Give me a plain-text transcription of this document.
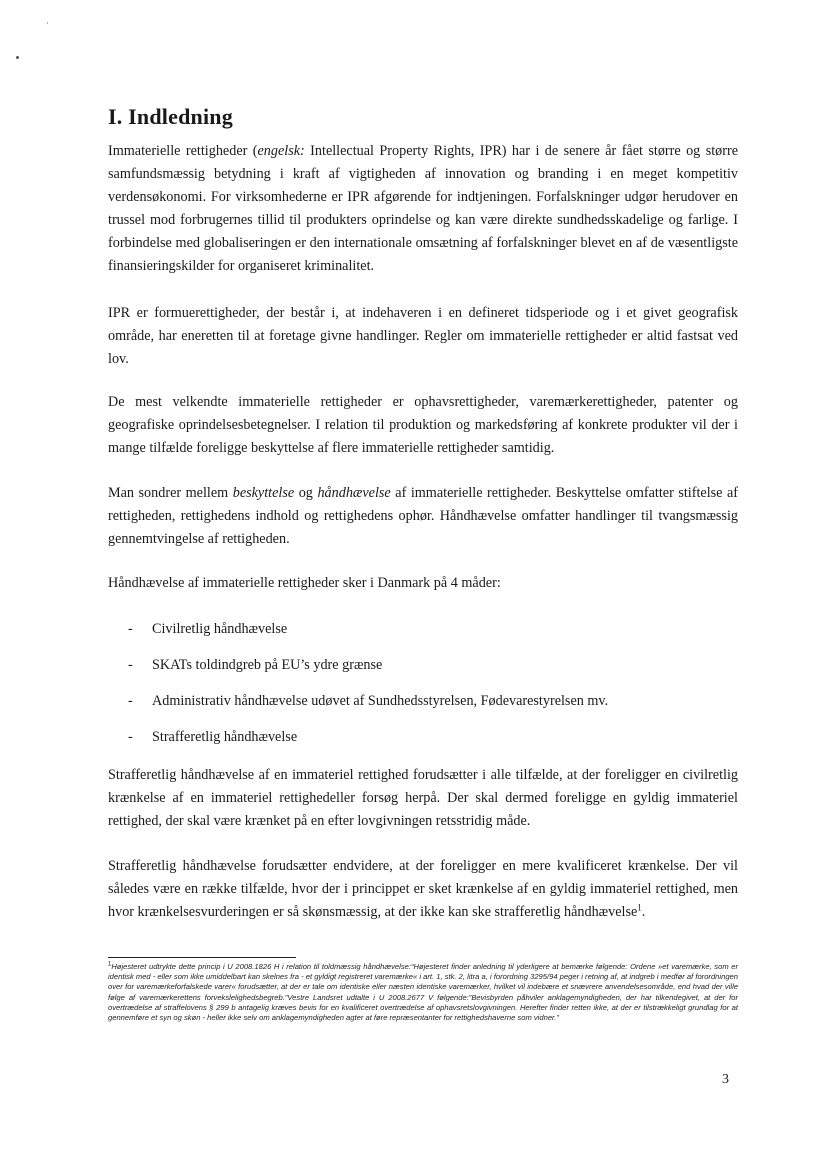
I. Indledning

Immaterielle rettigheder (engelsk: Intellectual Property Rights, IPR) har i de senere år fået større og større samfundsmæssig betydning i kraft af vigtigheden af innovation og branding i en meget kompetitiv verdensøkonomi. For virksomhederne er IPR afgørende for indtjeningen. Forfalskninger udgør herudover en trussel mod forbrugernes tillid til produkters oprindelse og kan være direkte sundhedsskadelige og farlige. I forbindelse med globaliseringen er den internationale omsætning af forfalskninger blevet en af de væsentligste finansieringskilder for organiseret kriminalitet.

IPR er formuerettigheder, der består i, at indehaveren i en defineret tidsperiode og i et givet geografisk område, har eneretten til at foretage givne handlinger. Regler om immaterielle rettigheder er altid fastsat ved lov.

De mest velkendte immaterielle rettigheder er ophavsrettigheder, varemærkerettigheder, patenter og geografiske oprindelsesbetegnelser. I relation til produktion og markedsføring af konkrete produkter vil der i mange tilfælde foreligge beskyttelse af flere immaterielle rettigheder samtidig.

Man sondrer mellem beskyttelse og håndhævelse af immaterielle rettigheder. Beskyttelse omfatter stiftelse af rettigheden, rettighedens indhold og rettighedens ophør. Håndhævelse omfatter handlinger til tvangsmæssig gennemtvingelse af rettigheden.

Håndhævelse af immaterielle rettigheder sker i Danmark på 4 måder:

- Civilretlig håndhævelse
- SKATs toldindgreb på EU’s ydre grænse
- Administrativ håndhævelse udøvet af Sundhedsstyrelsen, Fødevarestyrelsen mv.
- Strafferetlig håndhævelse

Strafferetlig håndhævelse af en immateriel rettighed forudsætter i alle tilfælde, at der foreligger en civilretlig krænkelse af en immateriel rettighedeller forsøg herpå. Der skal dermed foreligge en gyldig immateriel rettighed, der skal være krænket på en efter lovgivningen retsstridig måde.

Strafferetlig håndhævelse forudsætter endvidere, at der foreligger en mere kvalificeret krænkelse. Der vil således være en række tilfælde, hvor der i princippet er sket krænkelse af en gyldig immateriel rettighed, men hvor krænkelsesvurderingen er så skønsmæssig, at der ikke kan ske strafferetlig håndhævelse$^1$.

$^1$Højesteret udtrykte dette princip i U 2008.1826 H i relation til toldmæssig håndhævelse:“Højesteret finder anledning til yderligere at bemærke følgende: Ordene »et varemærke, som er identisk med - eller som ikke umiddelbart kan skelnes fra - et gyldigt registreret varemærke« i art. 1, stk. 2, litra a, i forordning 3295/94 peger i retning af, at indgreb i medfør af forordningen over for varemærkeforfalskede varer« forudsætter, at der er tale om identiske eller næsten identiske varemærker, hvilket vil indebære et snævrere anvendelsesområde, end hvad der ville følge af varemærkerettens forvekslelighedsbegreb.”Vestre Landsret udtalte i U 2008.2677 V følgende:”Bevisbyrden påhviler anklagemyndigheden, der har tilkendegivet, at der for overtrædelse af straffelovens § 299 b antagelig kræves bevis for en kvalificeret overtrædelse af ophavsretslovgivningen. Herefter finder retten ikke, at der er tilstrækkeligt grundlag for at gennemføre et syn og skøn - heller ikke selv om anklagemyndigheden agter at føre repræsentanter for rettighedshaverne som vidner.”

3
